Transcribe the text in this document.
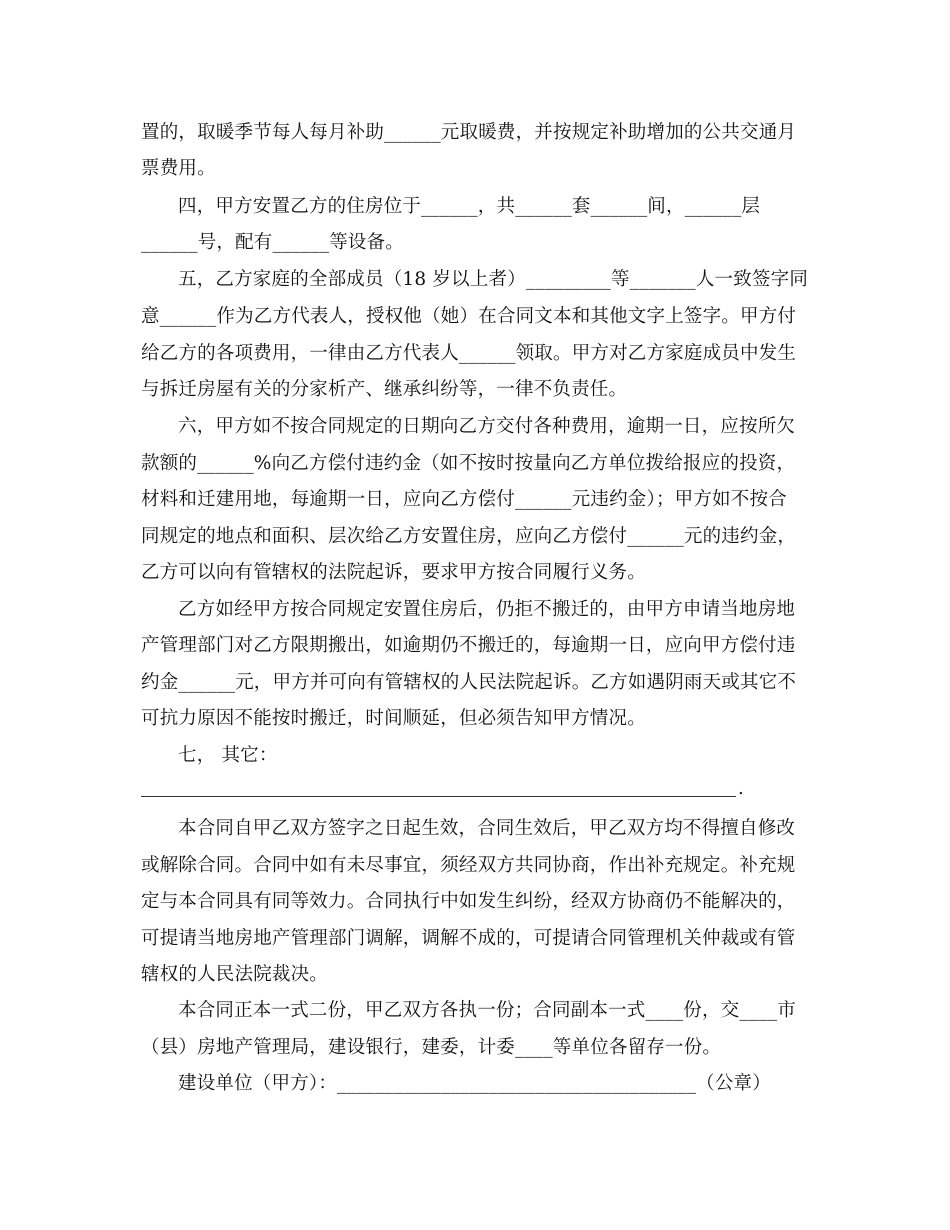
置的，取暖季节每人每月补助______元取暖费，并按规定补助增加的公共交通月
票费用。
四，甲方安置乙方的住房位于______，共______套______间，______层
______号，配有______等设备。
五，乙方家庭的全部成员（18 岁以上者）_________等_______人一致签字同
意______作为乙方代表人，授权他（她）在合同文本和其他文字上签字。甲方付
给乙方的各项费用，一律由乙方代表人______领取。甲方对乙方家庭成员中发生
与拆迁房屋有关的分家析产、继承纠纷等，一律不负责任。
六，甲方如不按合同规定的日期向乙方交付各种费用，逾期一日，应按所欠
款额的______%向乙方偿付违约金（如不按时按量向乙方单位拨给报应的投资，
材料和迁建用地，每逾期一日，应向乙方偿付______元违约金）；甲方如不按合
同规定的地点和面积、层次给乙方安置住房，应向乙方偿付______元的违约金，
乙方可以向有管辖权的法院起诉，要求甲方按合同履行义务。
乙方如经甲方按合同规定安置住房后，仍拒不搬迁的，由甲方申请当地房地
产管理部门对乙方限期搬出，如逾期仍不搬迁的，每逾期一日，应向甲方偿付违
约金______元，甲方并可向有管辖权的人民法院起诉。乙方如遇阴雨天或其它不
可抗力原因不能按时搬迁，时间顺延，但必须告知甲方情况。
七， 其它：
.
本合同自甲乙双方签字之日起生效，合同生效后，甲乙双方均不得擅自修改
或解除合同。合同中如有未尽事宜，须经双方共同协商，作出补充规定。补充规
定与本合同具有同等效力。合同执行中如发生纠纷，经双方协商仍不能解决的，
可提请当地房地产管理部门调解，调解不成的，可提请合同管理机关仲裁或有管
辖权的人民法院裁决。
本合同正本一式二份，甲乙双方各执一份；合同副本一式____份，交____市
（县）房地产管理局，建设银行，建委，计委____等单位各留存一份。
建设单位（甲方）：______________________________________（公章）
